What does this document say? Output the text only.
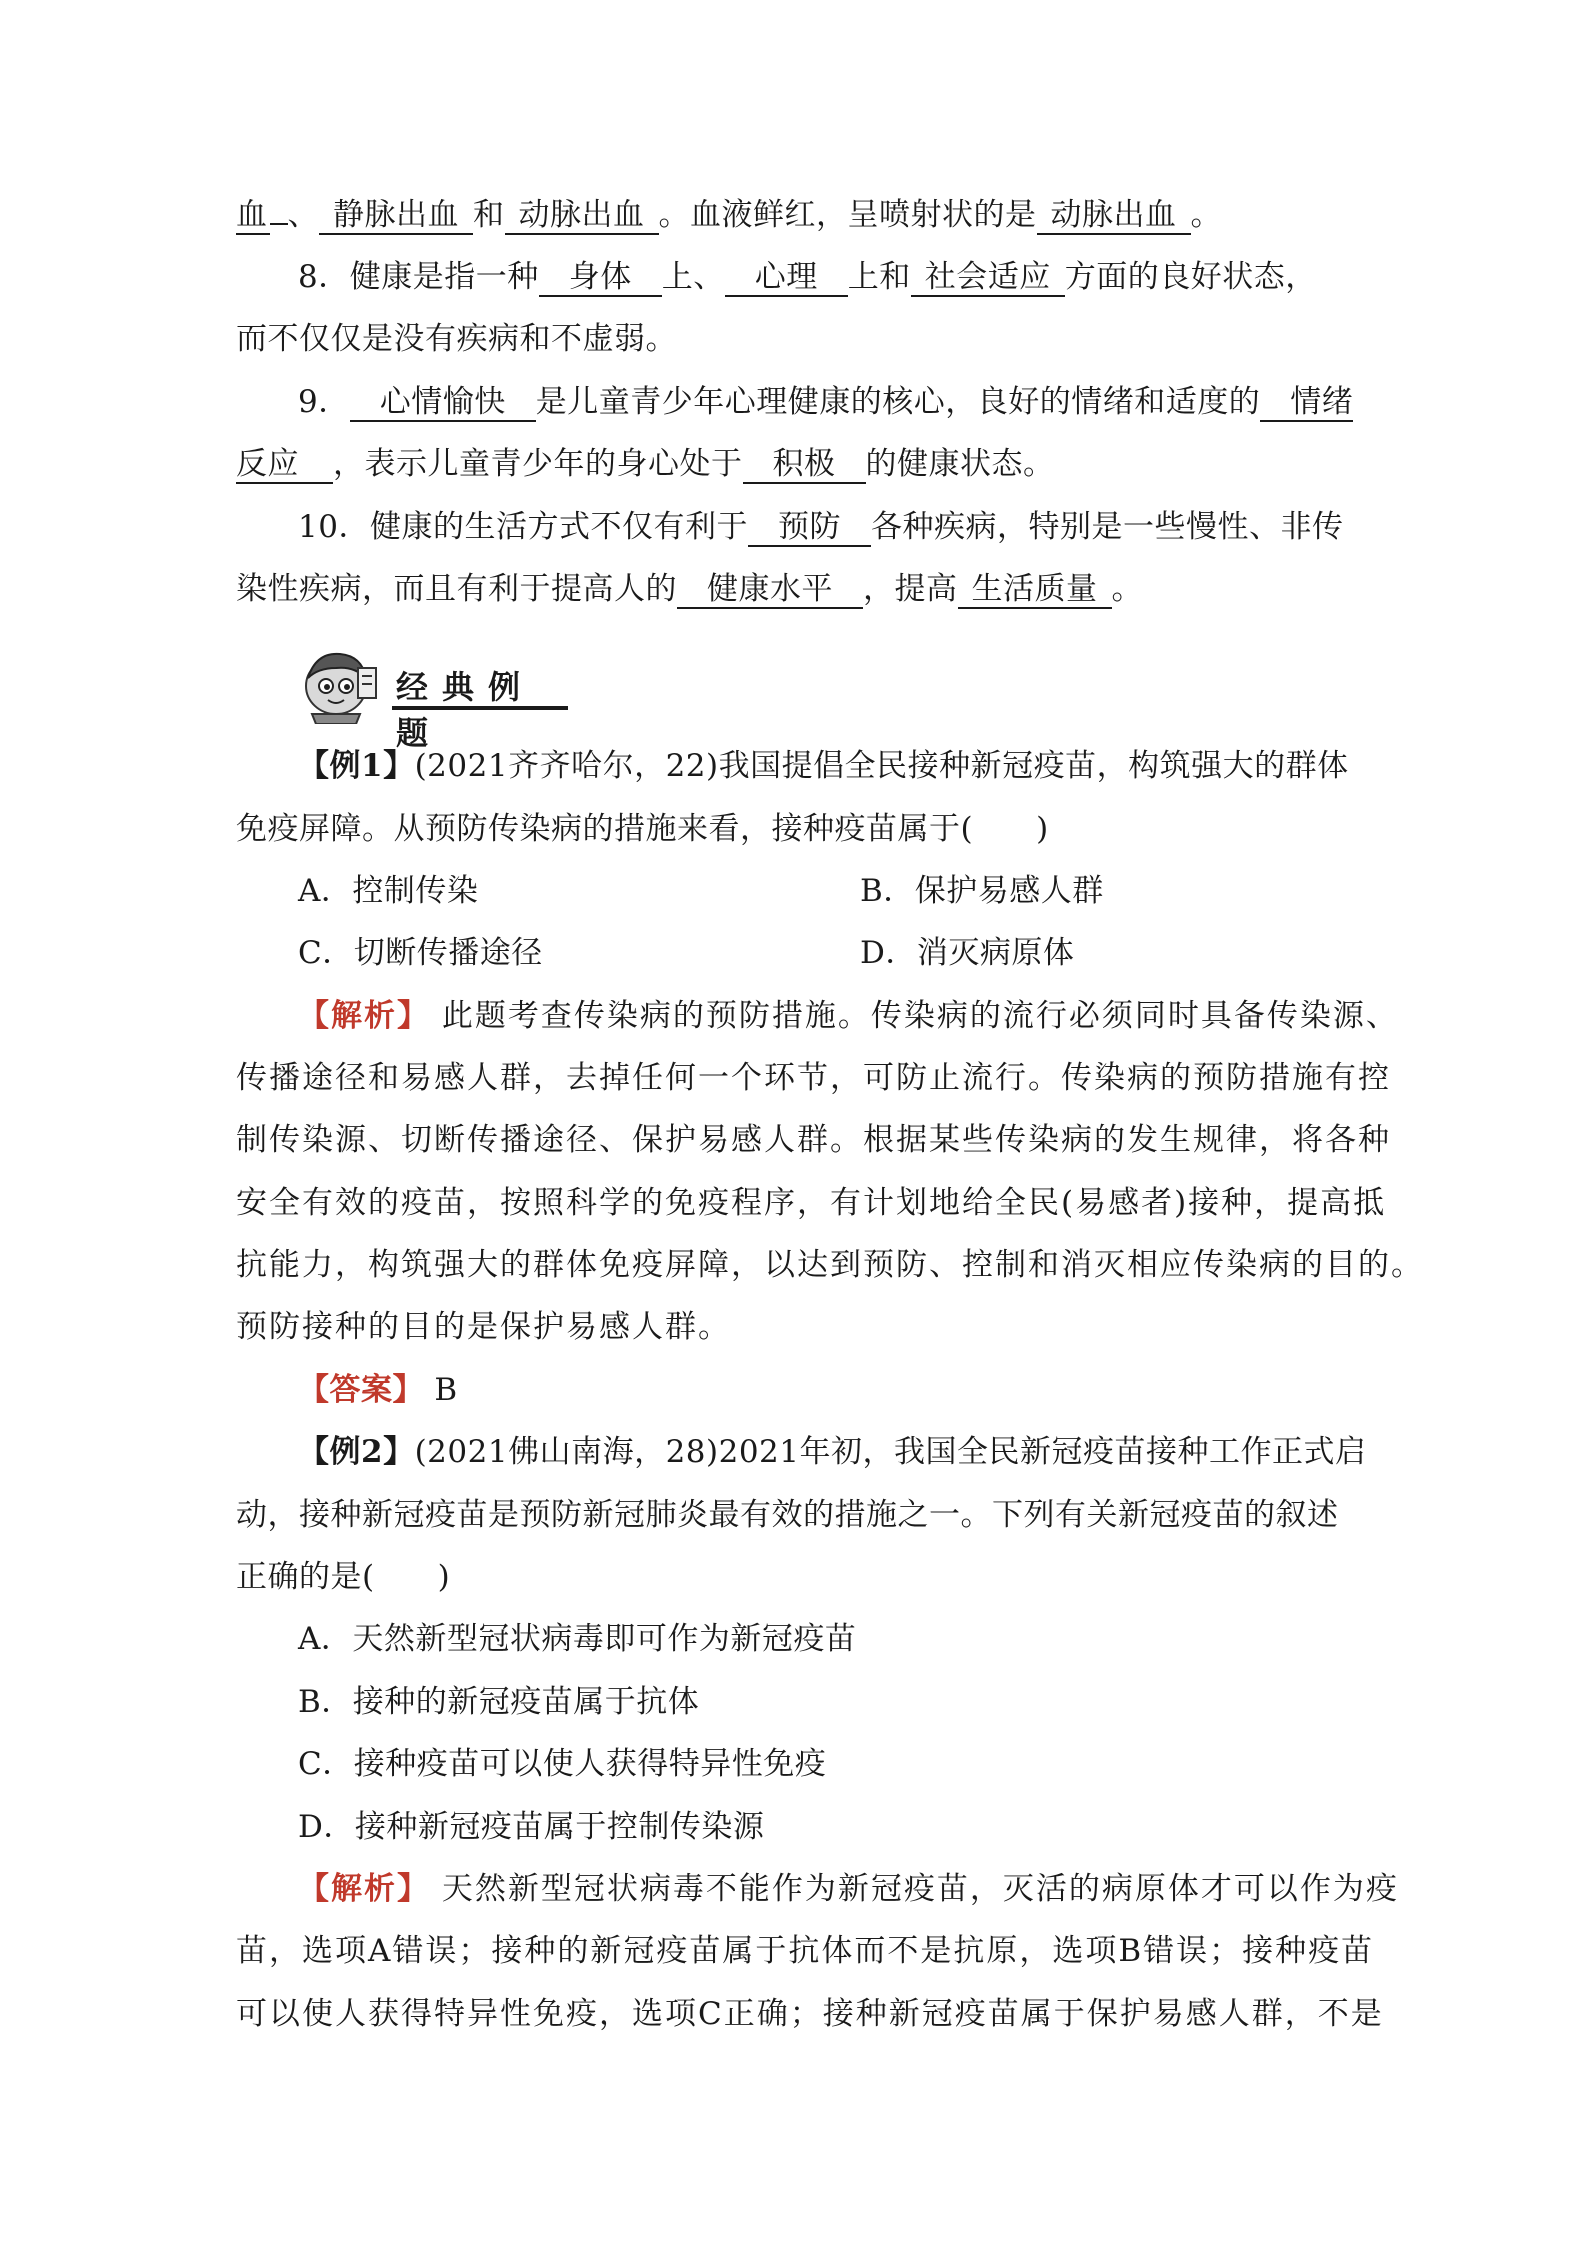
血 、 静脉出血 和 动脉出血 。血液鲜红，呈喷射状的是 动脉出血 。
8．健康是指一种 身体 上、 心理 上和 社会适应 方面的良好状态，
而不仅仅是没有疾病和不虚弱。
9． 心情愉快 是儿童青少年心理健康的核心，良好的情绪和适度的 情绪
反应 ，表示儿童青少年的身心处于 积极 的健康状态。
10．健康的生活方式不仅有利于 预防 各种疾病，特别是一些慢性、非传
染性疾病，而且有利于提高人的 健康水平 ，提高 生活质量 。
经典例题
【例1】(2021齐齐哈尔，22)我国提倡全民接种新冠疫苗，构筑强大的群体
免疫屏障。从预防传染病的措施来看，接种疫苗属于(　　)
A．控制传染	B．保护易感人群
C．切断传播途径	D．消灭病原体
【解析】 此题考查传染病的预防措施。传染病的流行必须同时具备传染源、
传播途径和易感人群，去掉任何一个环节，可防止流行。传染病的预防措施有控
制传染源、切断传播途径、保护易感人群。根据某些传染病的发生规律，将各种
安全有效的疫苗，按照科学的免疫程序，有计划地给全民(易感者)接种，提高抵
抗能力，构筑强大的群体免疫屏障，以达到预防、控制和消灭相应传染病的目的。
预防接种的目的是保护易感人群。
【答案】 B
【例2】(2021佛山南海，28)2021年初，我国全民新冠疫苗接种工作正式启
动，接种新冠疫苗是预防新冠肺炎最有效的措施之一。下列有关新冠疫苗的叙述
正确的是(　　)
A．天然新型冠状病毒即可作为新冠疫苗
B．接种的新冠疫苗属于抗体
C．接种疫苗可以使人获得特异性免疫
D．接种新冠疫苗属于控制传染源
【解析】 天然新型冠状病毒不能作为新冠疫苗，灭活的病原体才可以作为疫
苗，选项A错误；接种的新冠疫苗属于抗体而不是抗原，选项B错误；接种疫苗
可以使人获得特异性免疫，选项C正确；接种新冠疫苗属于保护易感人群，不是
